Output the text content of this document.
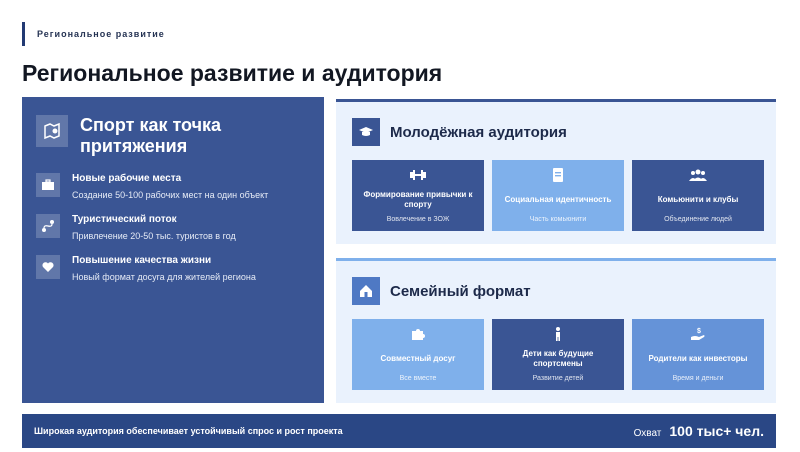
Региональное развитие
Региональное развитие и аудитория
Спорт как точка притяжения
Новые рабочие места
Создание 50-100 рабочих мест на один объект
Туристический поток
Привлечение 20-50 тыс. туристов в год
Повышение качества жизни
Новый формат досуга для жителей региона
Молодёжная аудитория
Формирование привычки к спорту
Вовлечение в ЗОЖ
Социальная идентичность
Часть комьюнити
Комьюнити и клубы
Объединение людей
Семейный формат
Совместный досуг
Все вместе
Дети как будущие спортсмены
Развитие детей
$
Родители как инвесторы
Время и деньги
Широкая аудитория обеспечивает устойчивый спрос и рост проекта	Охват 100 тыс+ чел.
